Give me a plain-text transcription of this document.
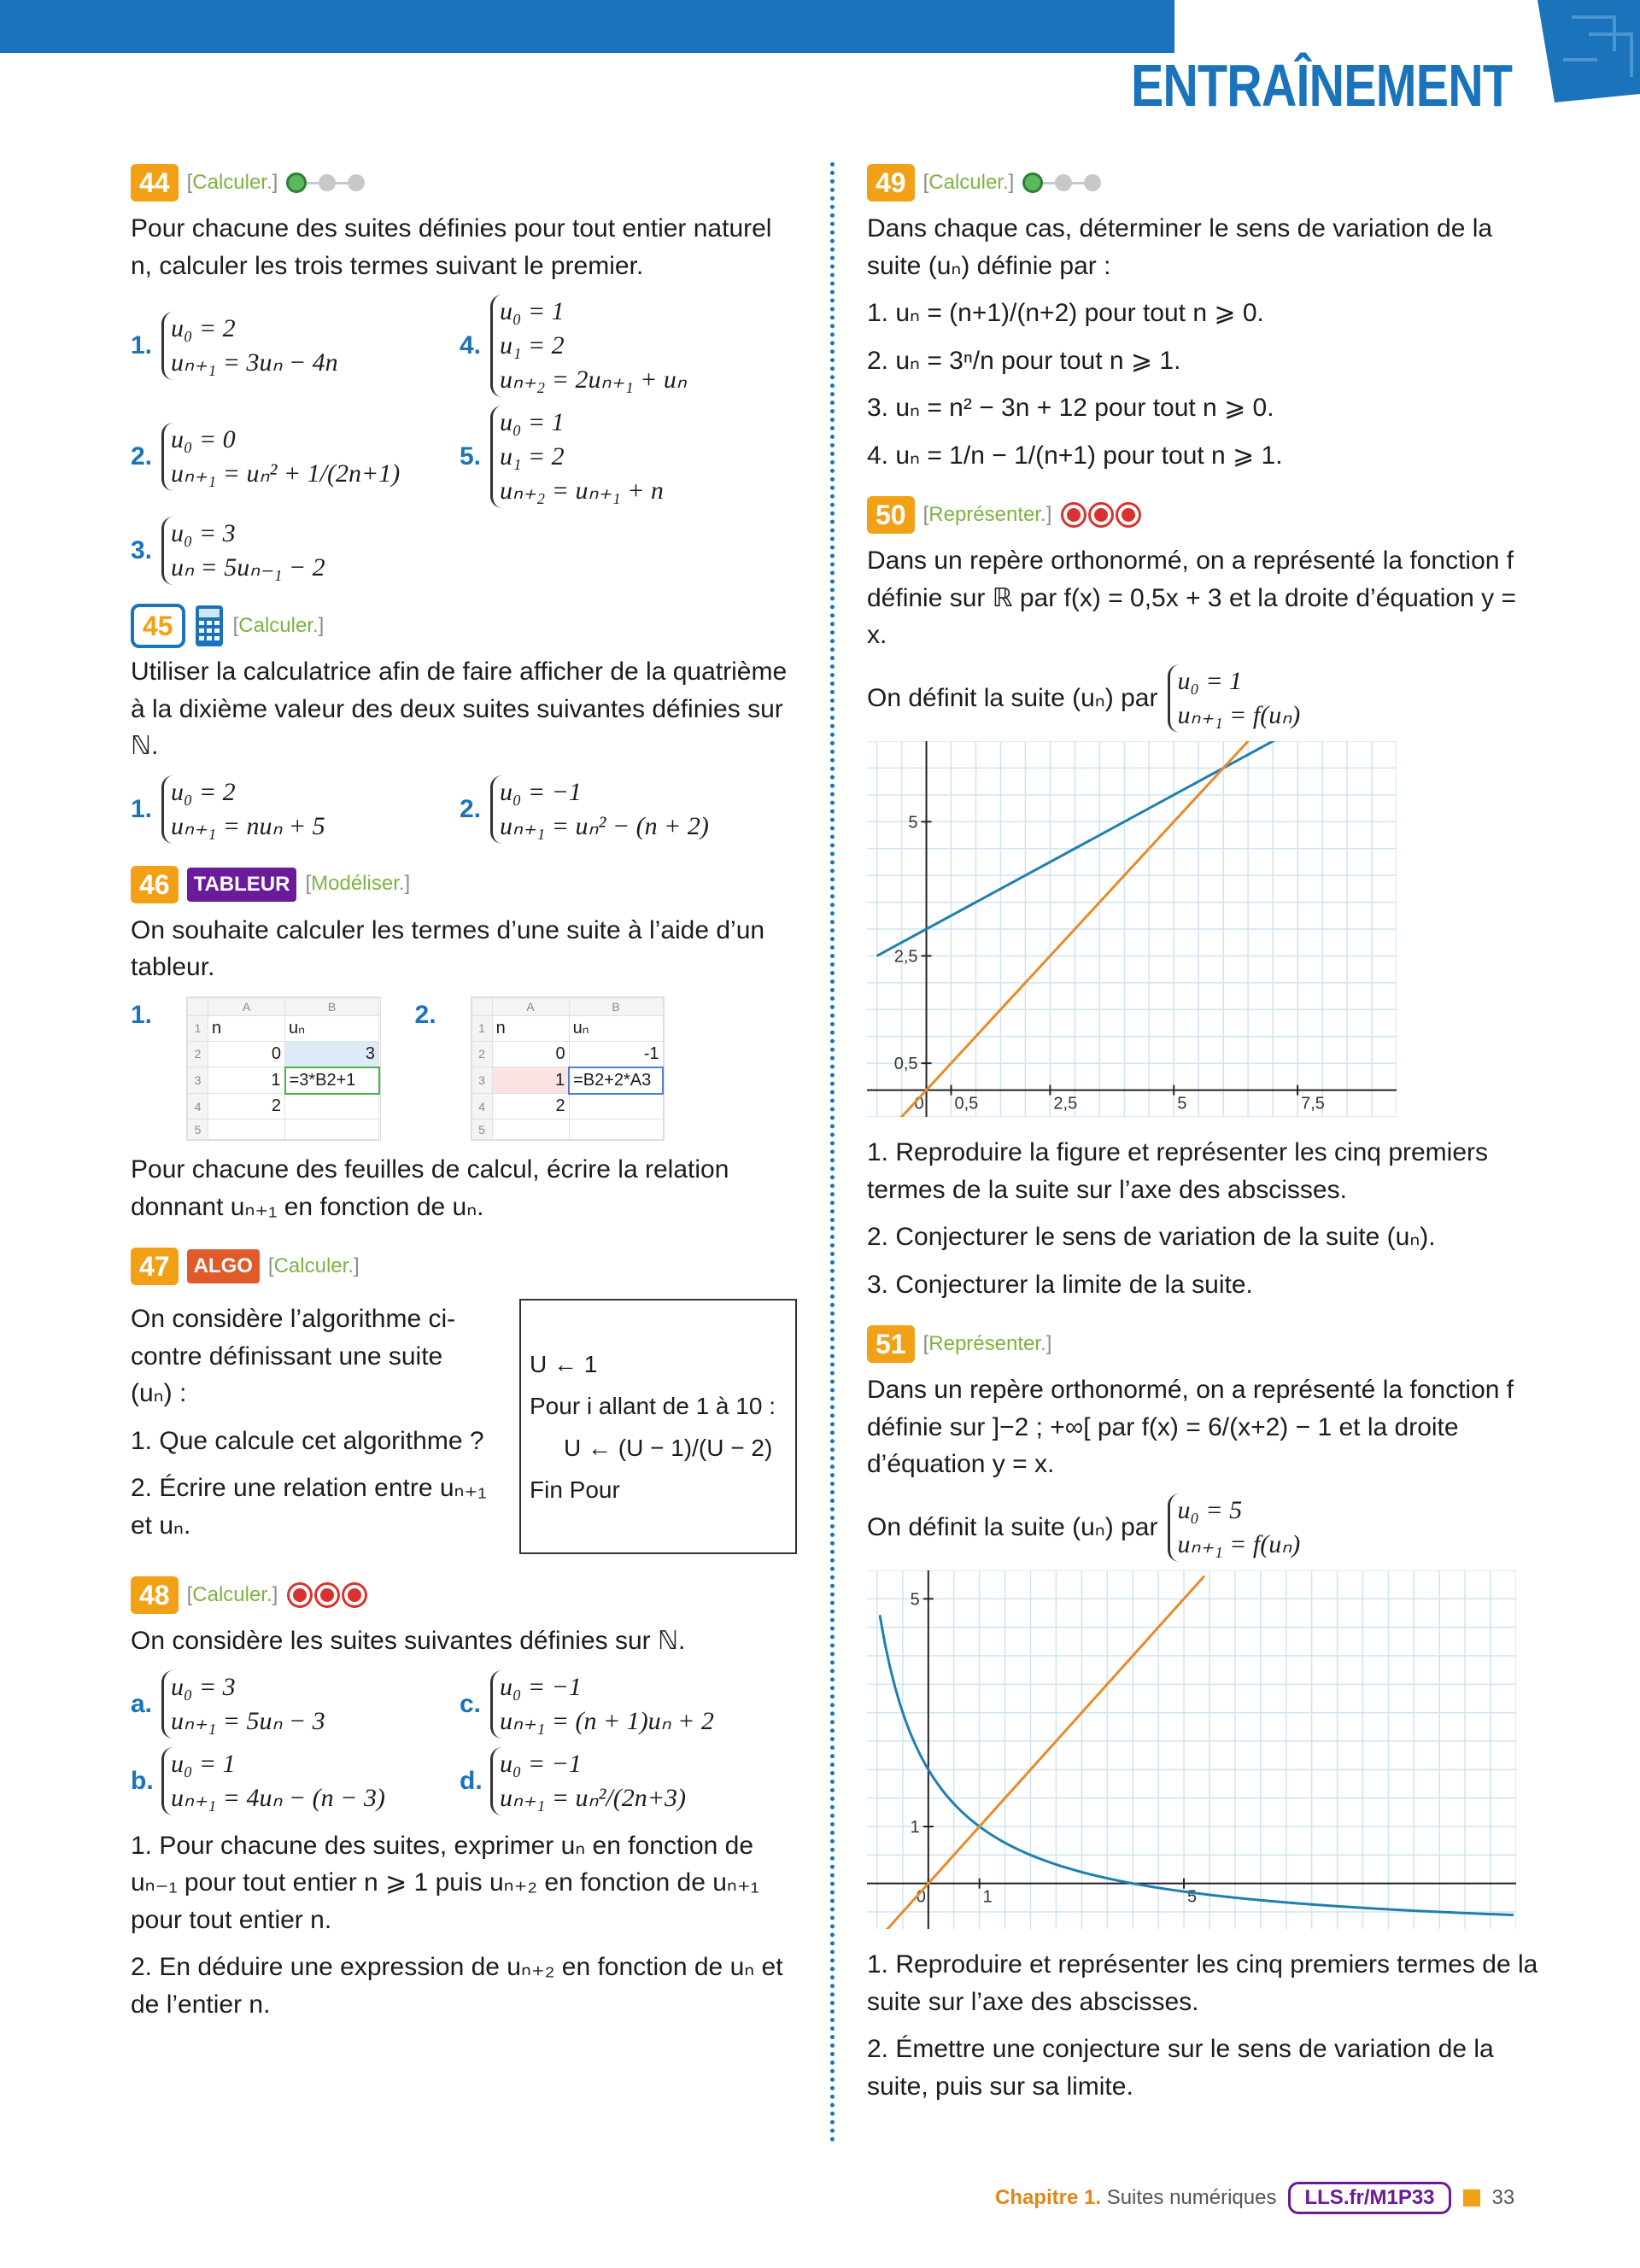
ENTRAÎNEMENT
44 [Calculer.]

Pour chacune des suites définies pour tout entier naturel n, calculer les trois termes suivant le premier.

1.
u₀ = 2
uₙ₊₁ = 3uₙ − 4n
4.
u₀ = 1
u₁ = 2
uₙ₊₂ = 2uₙ₊₁ + uₙ
2.
u₀ = 0
uₙ₊₁ = uₙ² + 1/(2n+1)
5.
u₀ = 1
u₁ = 2
uₙ₊₂ = uₙ₊₁ + n
3.
u₀ = 3
uₙ = 5uₙ₋₁ − 2
45	[Calculer.]

Utiliser la calculatrice afin de faire afficher de la quatrième à la dixième valeur des deux suites suivantes définies sur ℕ.

1.
u₀ = 2
uₙ₊₁ = nuₙ + 5
2.
u₀ = −1
uₙ₊₁ = uₙ² − (n + 2)
46	TABLEUR [Modéliser.]

On souhaite calculer les termes d’une suite à l’aide d’un tableur.

1.
		A	B
1	n	uₙ
2	0	3
3	1	=3*B2+1
4	2	
5		
2.
		A	B
1	n	uₙ
2	0	-1
3	1	=B2+2*A3
4	2	
5		

Pour chacune des feuilles de calcul, écrire la relation donnant uₙ₊₁ en fonction de uₙ.

47	ALGO [Calculer.]

On considère l’algorithme ci-contre définissant une suite (uₙ) :

1. Que calcule cet algorithme ?

2. Écrire une relation entre uₙ₊₁ et uₙ.

U ← 1
Pour i allant de 1 à 10 :
U ← (U − 1)/(U − 2)
Fin Pour
48 [Calculer.]

On considère les suites suivantes définies sur ℕ.

a.
u₀ = 3
uₙ₊₁ = 5uₙ − 3
c.
u₀ = −1
uₙ₊₁ = (n + 1)uₙ + 2
b.
u₀ = 1
uₙ₊₁ = 4uₙ − (n − 3)
d.
u₀ = −1
uₙ₊₁ = uₙ²/(2n+3)

1. Pour chacune des suites, exprimer uₙ en fonction de uₙ₋₁ pour tout entier n ⩾ 1 puis uₙ₊₂ en fonction de uₙ₊₁ pour tout entier n.

2. En déduire une expression de uₙ₊₂ en fonction de uₙ et de l’entier n.

49 [Calculer.]

Dans chaque cas, déterminer le sens de variation de la suite (uₙ) définie par :

1. uₙ = (n+1)/(n+2) pour tout n ⩾ 0.

2. uₙ = 3ⁿ/n pour tout n ⩾ 1.

3. uₙ = n² − 3n + 12 pour tout n ⩾ 0.

4. uₙ = 1/n − 1/(n+1) pour tout n ⩾ 1.

50 [Représenter.]

Dans un repère orthonormé, on a représenté la fonction f définie sur ℝ par f(x) = 0,5x + 3 et la droite d’équation y = x.

On définit la suite (uₙ) par
u₀ = 1
uₙ₊₁ = f(uₙ)
0 0,5	2,5	5	7,5
0,5
2,5
5

1. Reproduire la figure et représenter les cinq premiers termes de la suite sur l’axe des abscisses.

2. Conjecturer le sens de variation de la suite (uₙ).

3. Conjecturer la limite de la suite.

51 [Représenter.]

Dans un repère orthonormé, on a représenté la fonction f définie sur ]−2 ; +∞[ par f(x) = 6/(x+2) − 1 et la droite d’équation y = x.

On définit la suite (uₙ) par
u₀ = 5
uₙ₊₁ = f(uₙ)
0	1	5
1
5

1. Reproduire et représenter les cinq premiers termes de la suite sur l’axe des abscisses.

2. Émettre une conjecture sur le sens de variation de la suite, puis sur sa limite.

Chapitre 1. Suites numériques	LLS.fr/M1P33	33
